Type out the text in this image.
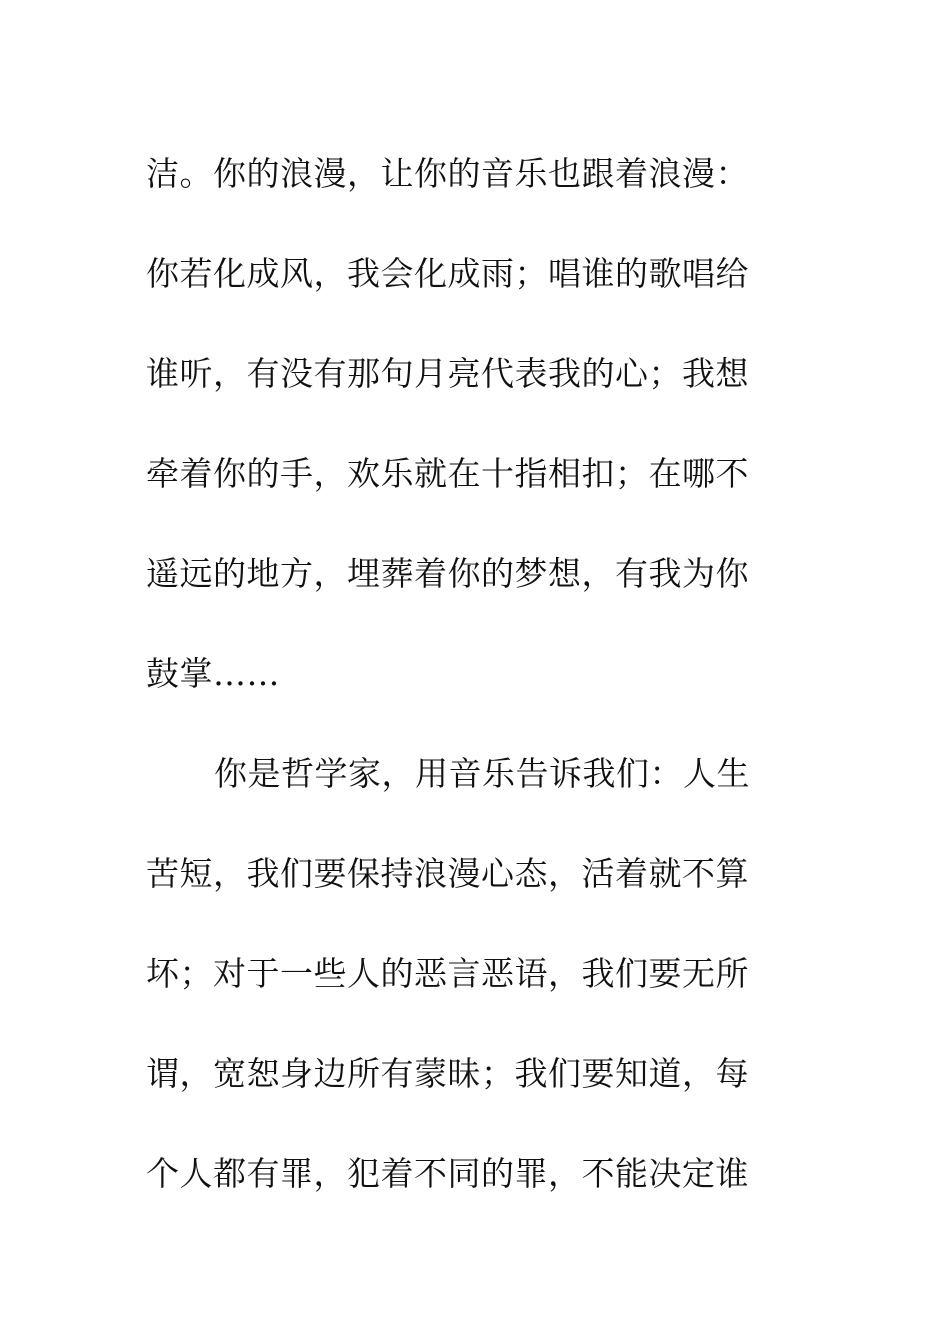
洁。你的浪漫，让你的音乐也跟着浪漫：
你若化成风，我会化成雨；唱谁的歌唱给
谁听，有没有那句月亮代表我的心；我想
牵着你的手，欢乐就在十指相扣；在哪不
遥远的地方，埋葬着你的梦想，有我为你
鼓掌……
你是哲学家，用音乐告诉我们：人生
苦短，我们要保持浪漫心态，活着就不算
坏；对于一些人的恶言恶语，我们要无所
谓，宽恕身边所有蒙昧；我们要知道，每
个人都有罪，犯着不同的罪，不能决定谁
